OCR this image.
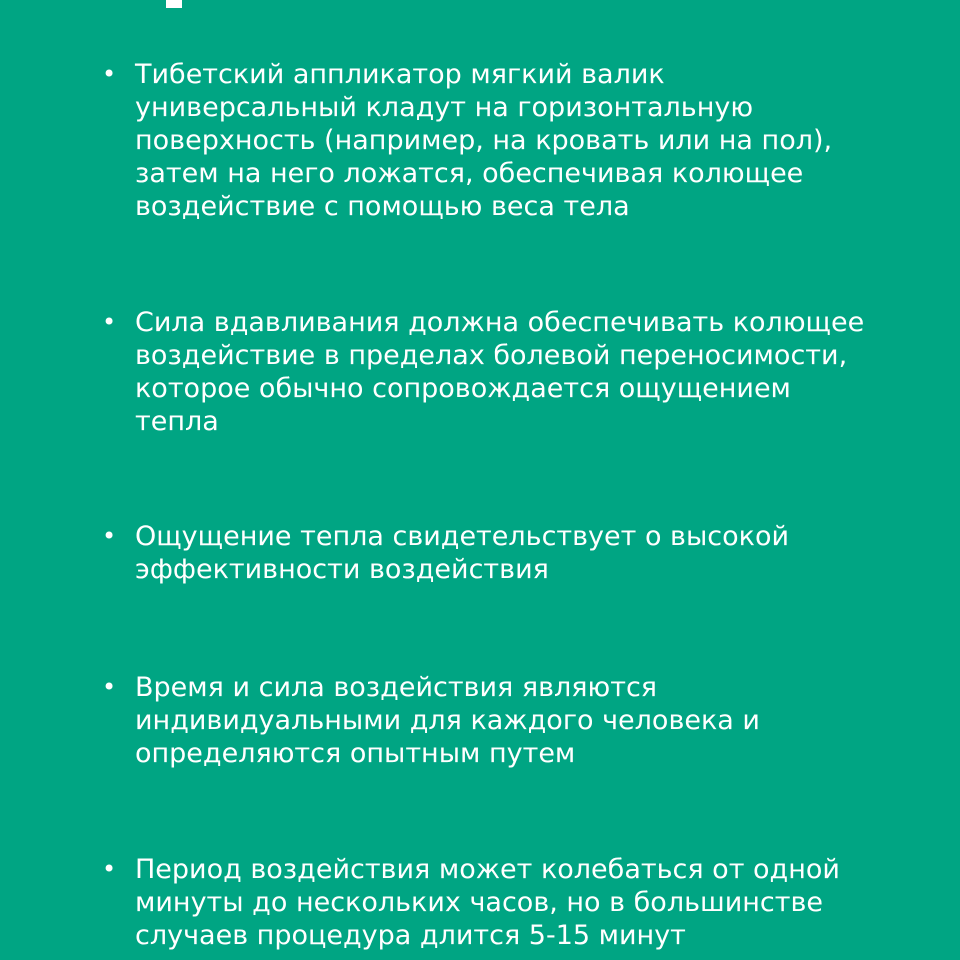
• Тибетский аппликатор мягкий валик
универсальный кладут на горизонтальную
поверхность (например, на кровать или на пол),
затем на него ложатся, обеспечивая колющее
воздействие с помощью веса тела
• Сила вдавливания должна обеспечивать колющее
воздействие в пределах болевой переносимости,
которое обычно сопровождается ощущением
тепла
• Ощущение тепла свидетельствует о высокой
эффективности воздействия
• Время и сила воздействия являются
индивидуальными для каждого человека и
определяются опытным путем
• Период воздействия может колебаться от одной
минуты до нескольких часов, но в большинстве
случаев процедура длится 5-15 минут
